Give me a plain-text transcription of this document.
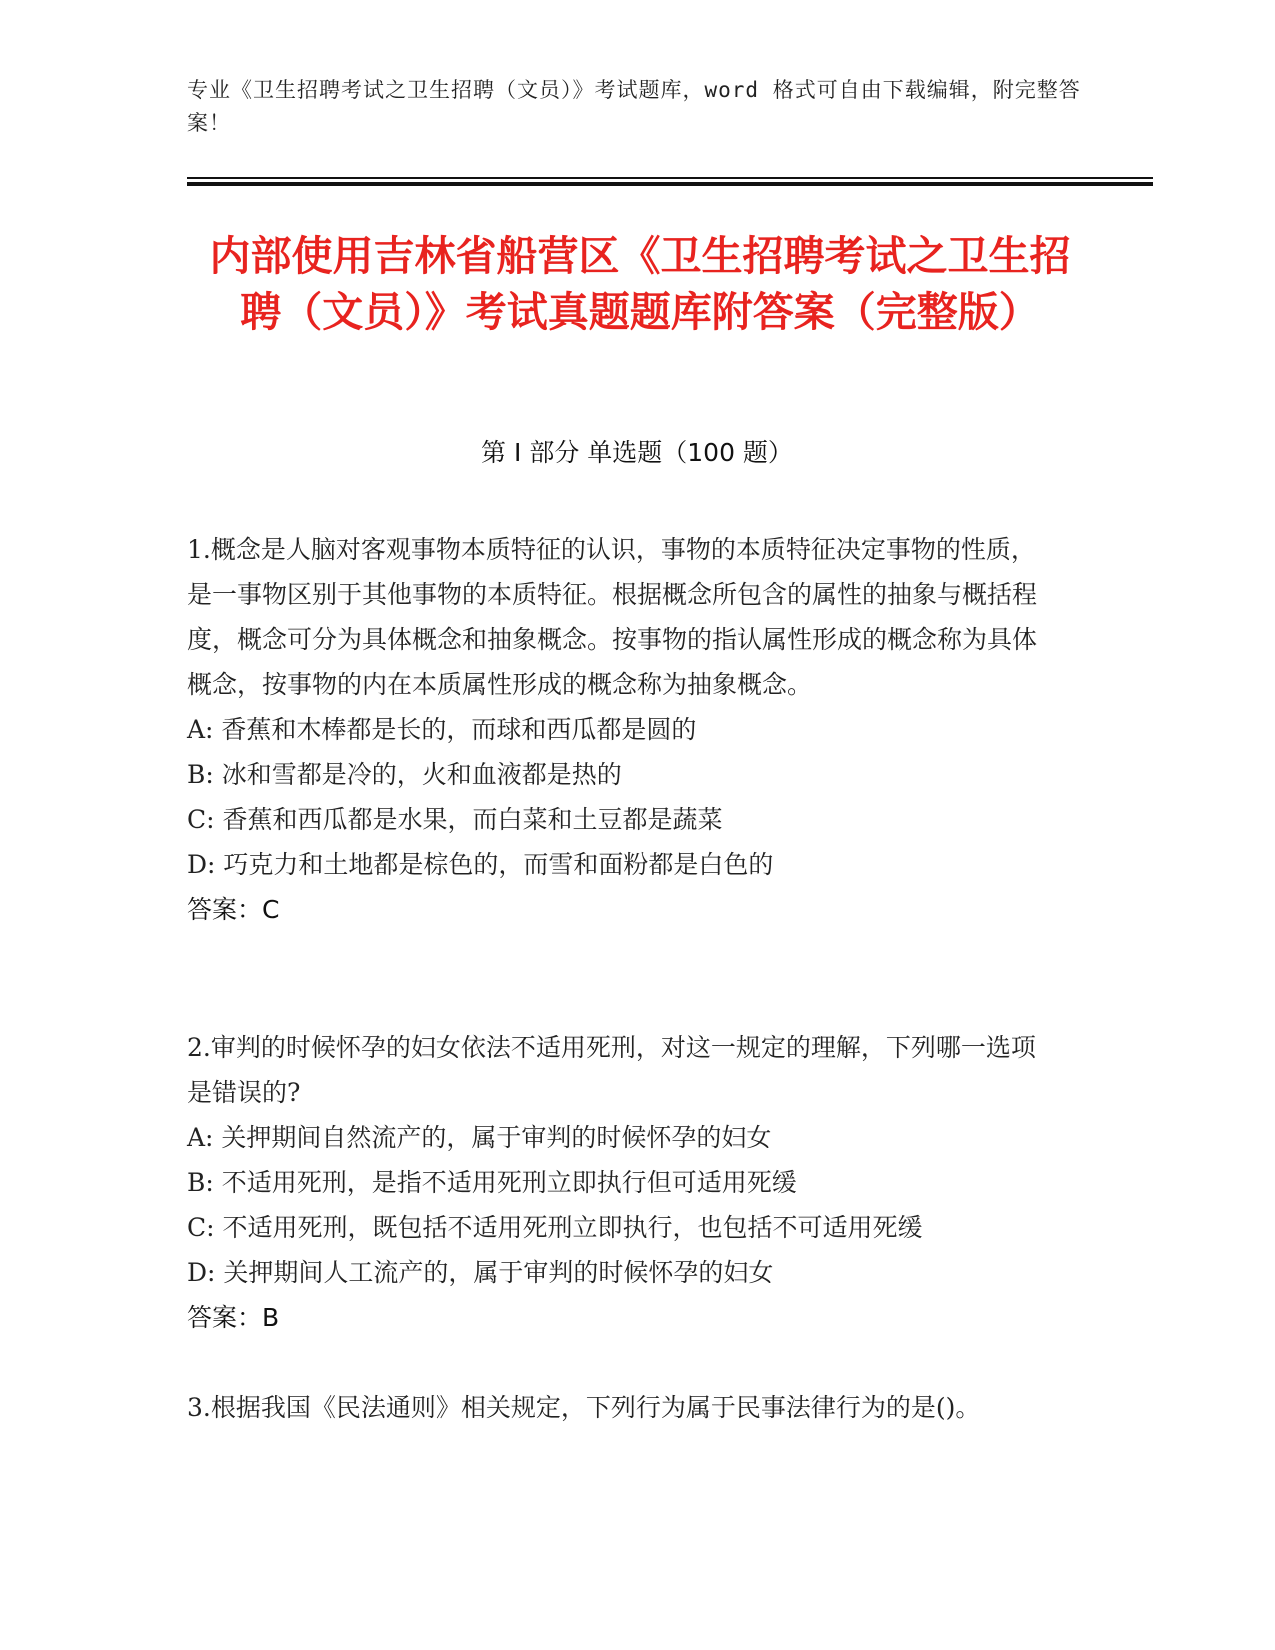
专业《卫生招聘考试之卫生招聘（文员）》考试题库，word 格式可自由下载编辑，附完整答案！
内部使用吉林省船营区《卫生招聘考试之卫生招聘（文员）》考试真题题库附答案（完整版）
第 I 部分 单选题（100 题）

1.概念是人脑对客观事物本质特征的认识，事物的本质特征决定事物的性质，是一事物区别于其他事物的本质特征。根据概念所包含的属性的抽象与概括程度，概念可分为具体概念和抽象概念。按事物的指认属性形成的概念称为具体概念，按事物的内在本质属性形成的概念称为抽象概念。

A: 香蕉和木棒都是长的，而球和西瓜都是圆的

B: 冰和雪都是冷的，火和血液都是热的

C: 香蕉和西瓜都是水果，而白菜和土豆都是蔬菜

D: 巧克力和土地都是棕色的，而雪和面粉都是白色的

答案：C

2.审判的时候怀孕的妇女依法不适用死刑，对这一规定的理解，下列哪一选项是错误的?

A: 关押期间自然流产的，属于审判的时候怀孕的妇女

B: 不适用死刑，是指不适用死刑立即执行但可适用死缓

C: 不适用死刑，既包括不适用死刑立即执行，也包括不可适用死缓

D: 关押期间人工流产的，属于审判的时候怀孕的妇女

答案：B

3.根据我国《民法通则》相关规定，下列行为属于民事法律行为的是()。
